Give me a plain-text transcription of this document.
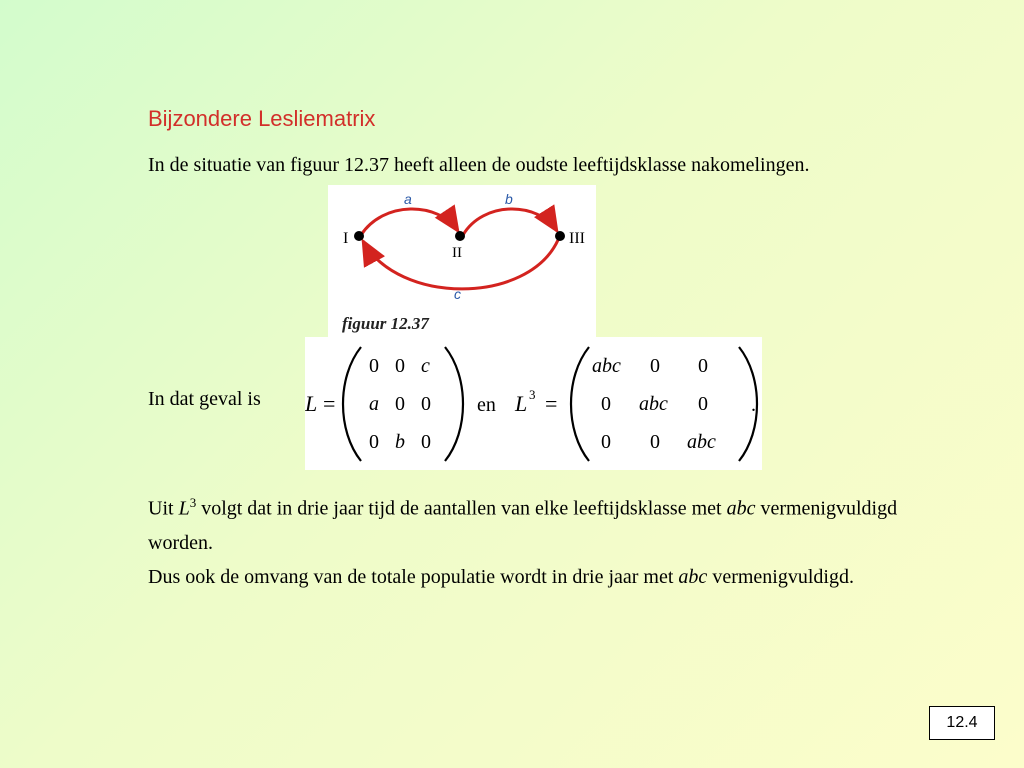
Bijzondere Lesliematrix
In de situatie van figuur 12.37 heeft alleen de oudste leeftijdsklasse nakomelingen.
I
II
III
a	b
c
figuur 12.37
In dat geval is L =
0 0 c
a 0 0
0 b 0
en L 3 =
abc 0 0
0 abc 0
0 0 abc
.
Uit $L^3$ volgt dat in drie jaar tijd de aantallen van elke leeftijdsklasse met abc vermenigvuldigd worden.
Dus ook de omvang van de totale populatie wordt in drie jaar met abc vermenigvuldigd.
12.4
